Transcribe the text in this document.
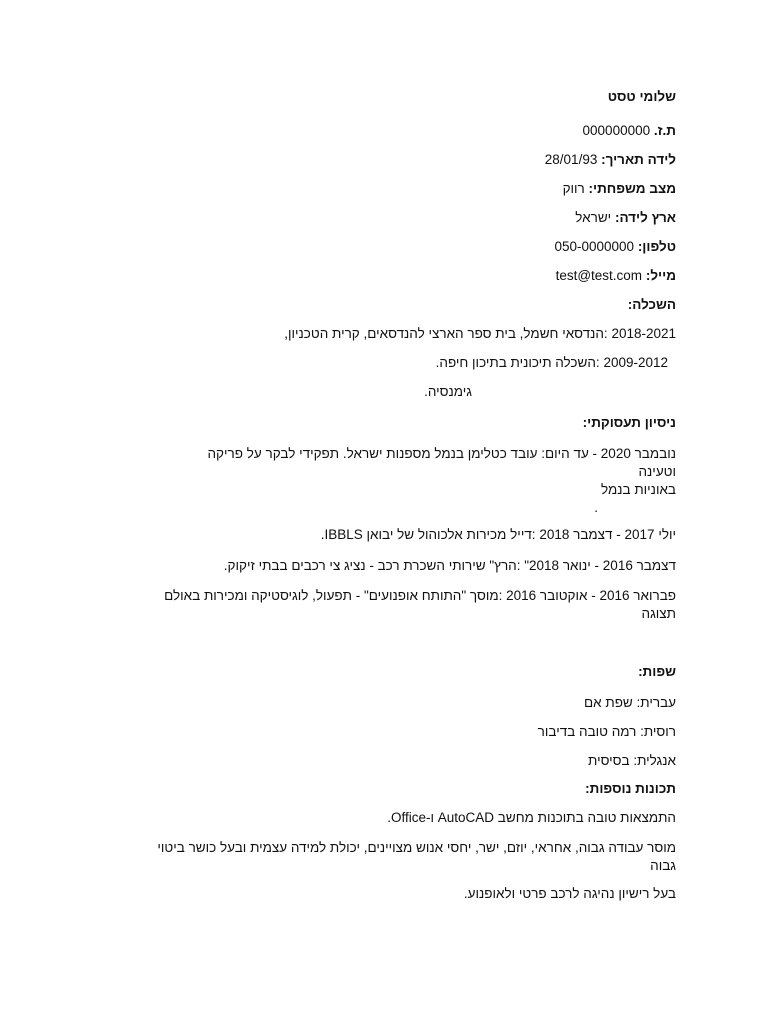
שלומי טסט
ת.ז. 000000000
לידה תאריך: 28/01/93
מצב משפחתי: רווק
ארץ לידה: ישראל
טלפון: 050-0000000
מייל: test@test.com
השכלה:
2018-2021 :הנדסאי חשמל, בית ספר הארצי להנדסאים, קרית הטכניון,
2009-2012 :השכלה תיכונית בתיכון חיפה.
גימנסיה.
ניסיון תעסוקתי:
נובמבר 2020 - עד היום: עובד כטלימן בנמל מספנות ישראל. תפקידי לבקר על פריקה
וטעינה
באוניות בנמל
.
יולי 2017 - דצמבר 2018 :דייל מכירות אלכוהול של יבואן IBBLS.
דצמבר 2016 - ינואר 2018" :הרץ" שירותי השכרת רכב - נציג צי רכבים בבתי זיקוק.
פברואר 2016 - אוקטובר 2016 :מוסך "התותח אופנועים" - תפעול, לוגיסטיקה ומכירות באולם
תצוגה
שפות:
עברית: שפת אם
רוסית: רמה טובה בדיבור
אנגלית: בסיסית
תכונות נוספות:
התמצאות טובה בתוכנות מחשב AutoCAD ו-Office.
מוסר עבודה גבוה, אחראי, יוזם, ישר, יחסי אנוש מצויינים, יכולת למידה עצמית ובעל כושר ביטוי
גבוה
בעל רישיון נהיגה לרכב פרטי ולאופנוע.
